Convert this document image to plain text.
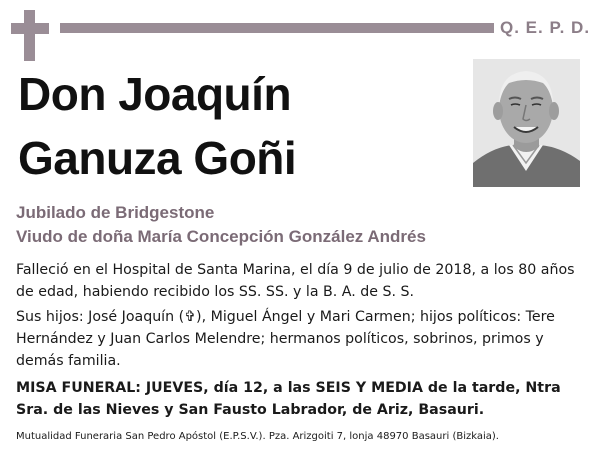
Q. E. P. D.
Don Joaquín
Ganuza Goñi
Jubilado de Bridgestone
Viudo de doña María Concepción González Andrés
Falleció en el Hospital de Santa Marina, el día 9 de julio de 2018, a los 80 años de edad, habiendo recibido los SS. SS. y la B. A. de S. S.
Sus hijos: José Joaquín (✞), Miguel Ángel y Mari Carmen; hijos políticos: Tere Hernández y Juan Carlos Melendre; hermanos políticos, sobrinos, primos y demás familia.
MISA FUNERAL: JUEVES, día 12, a las SEIS Y MEDIA de la tarde, Ntra Sra. de las Nieves y San Fausto Labrador, de Ariz, Basauri.
Mutualidad Funeraria San Pedro Apóstol (E.P.S.V.). Pza. Arizgoiti 7, lonja 48970 Basauri (Bizkaia).
